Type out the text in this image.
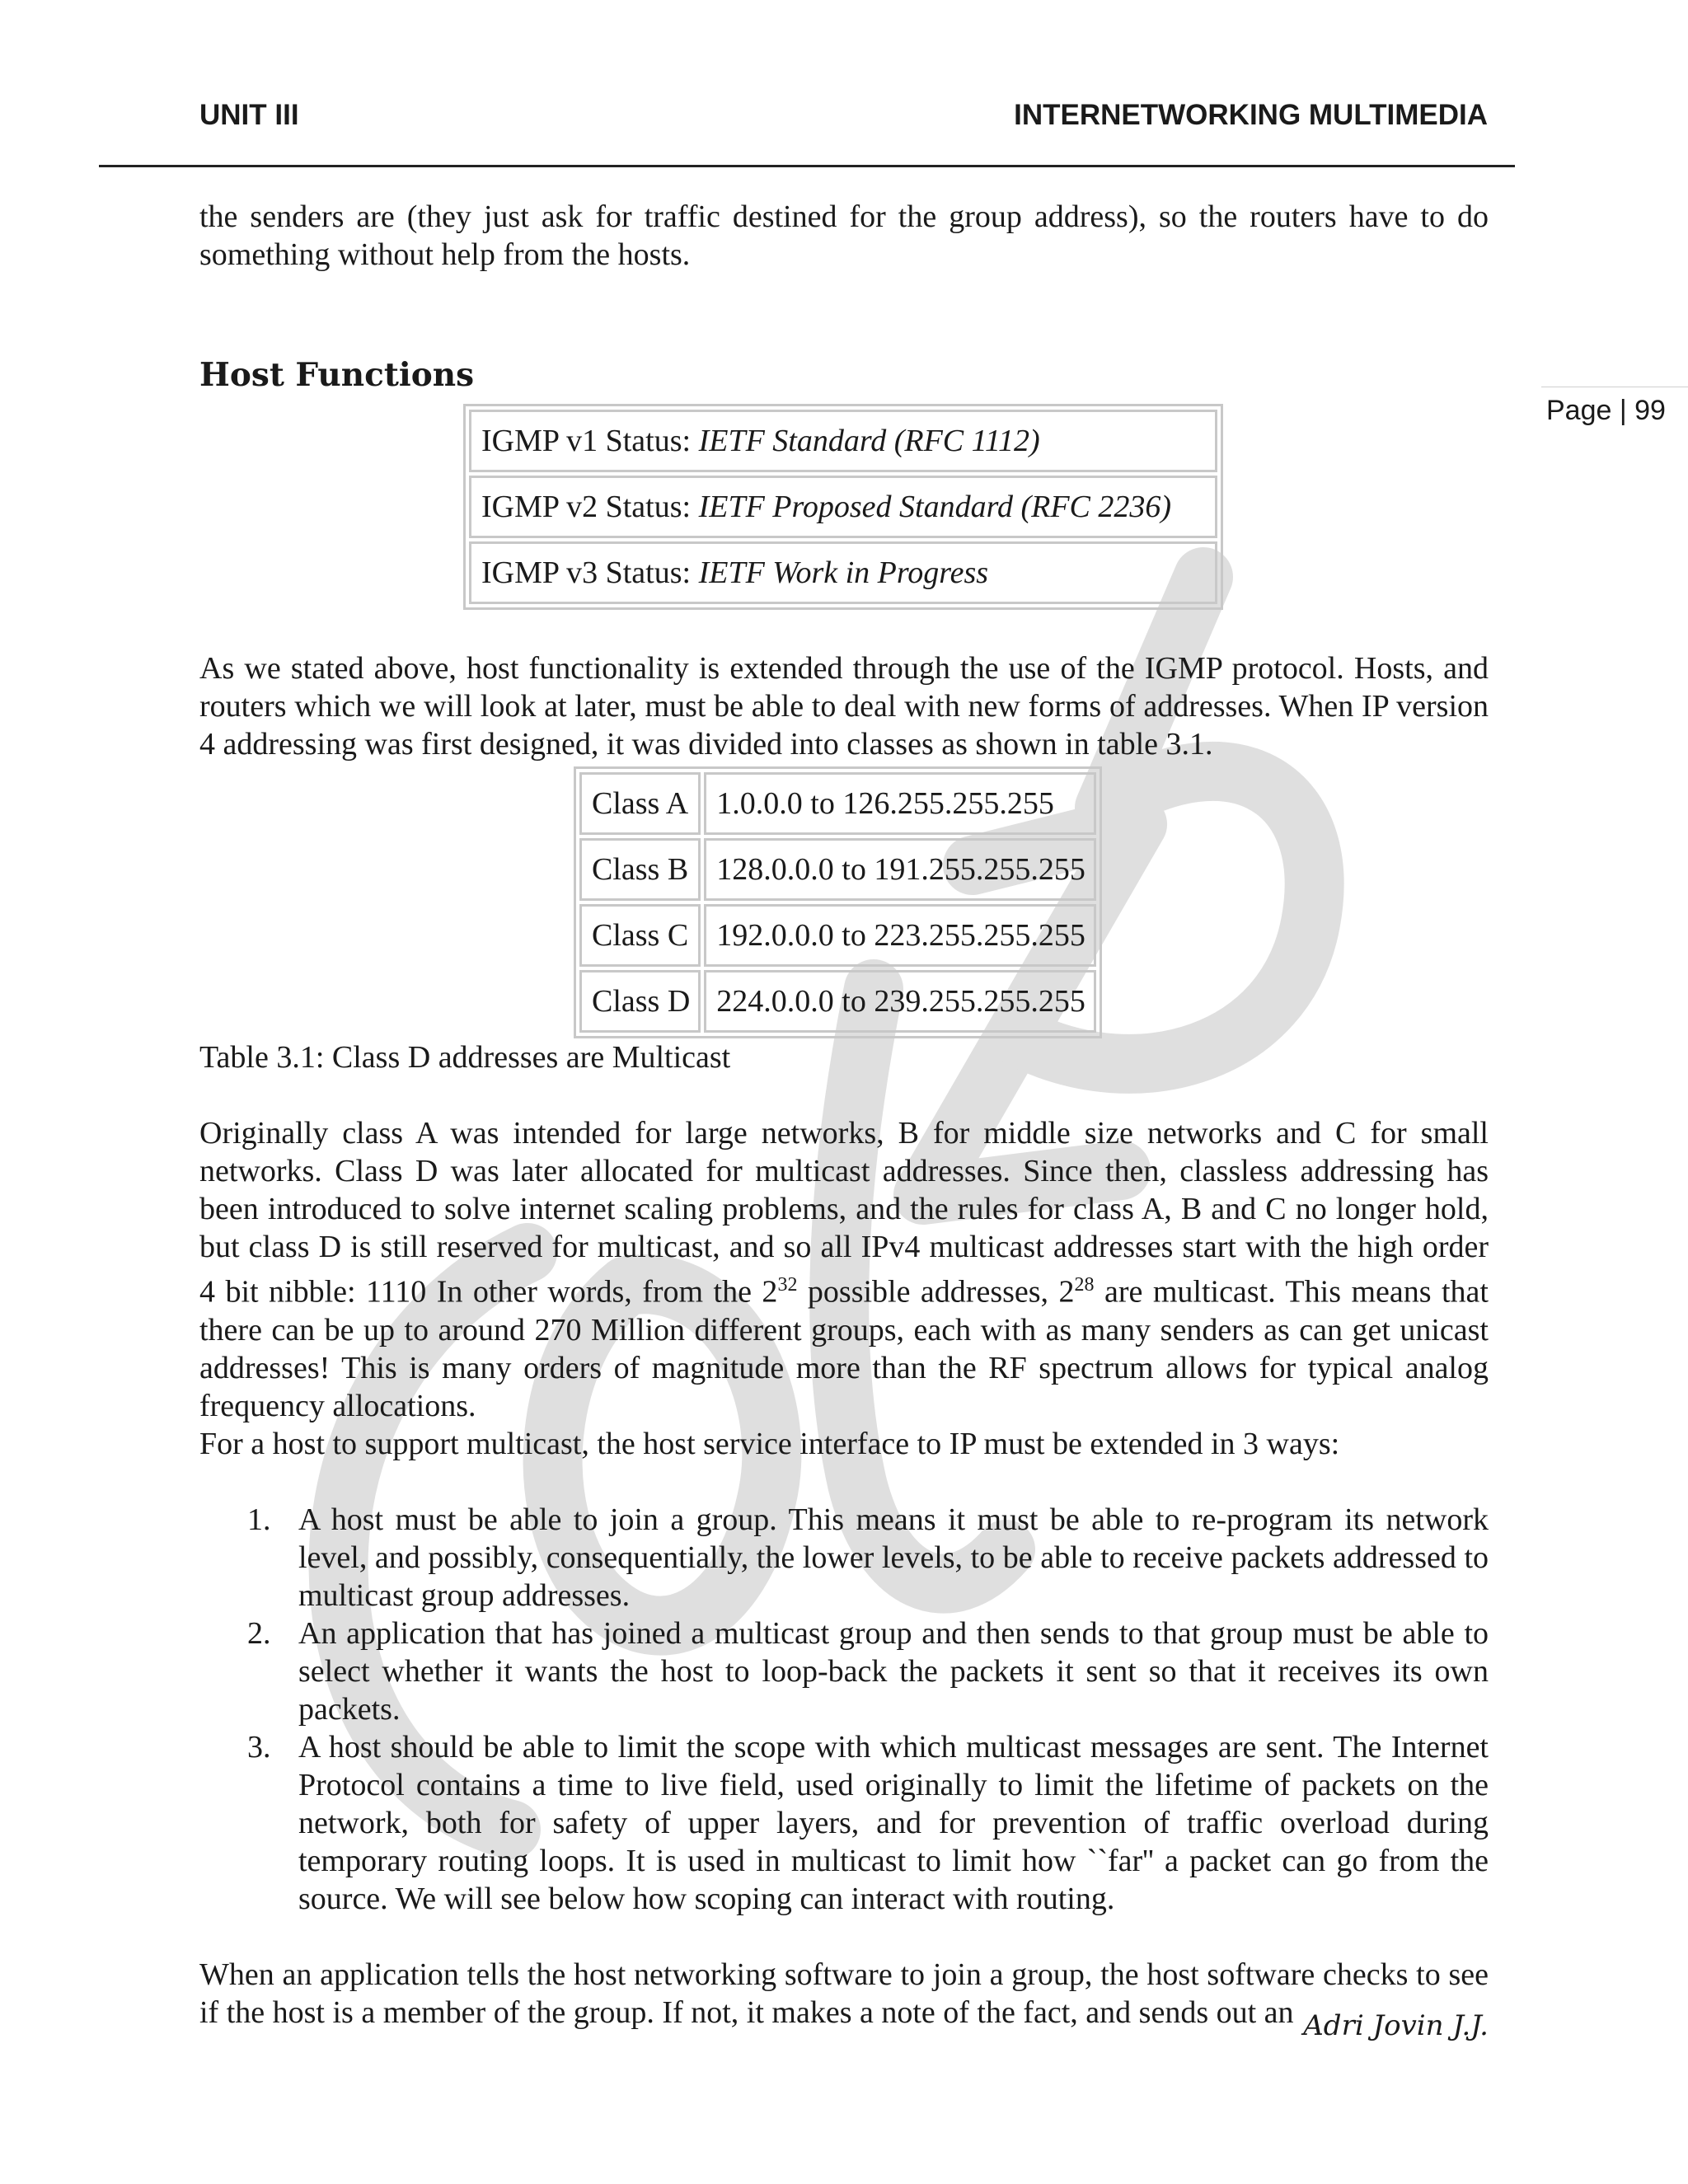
UNIT III	INTERNETWORKING MULTIMEDIA
Page | 99

the senders are (they just ask for traffic destined for the group address), so the routers have to do something without help from the hosts.

Host Functions
IGMP v1 Status: IETF Standard (RFC 1112)
IGMP v2 Status: IETF Proposed Standard (RFC 2236)
IGMP v3 Status: IETF Work in Progress

As we stated above, host functionality is extended through the use of the IGMP protocol. Hosts, and routers which we will look at later, must be able to deal with new forms of addresses. When IP version 4 addressing was first designed, it was divided into classes as shown in table 3.1.

Class A	1.0.0.0 to 126.255.255.255
Class B	128.0.0.0 to 191.255.255.255
Class C	192.0.0.0 to 223.255.255.255
Class D	224.0.0.0 to 239.255.255.255

Table 3.1: Class D addresses are Multicast

Originally class A was intended for large networks, B for middle size networks and C for small networks. Class D was later allocated for multicast addresses. Since then, classless addressing has been introduced to solve internet scaling problems, and the rules for class A, B and C no longer hold, but class D is still reserved for multicast, and so all IPv4 multicast addresses start with the high order 4 bit nibble: 1110 In other words, from the $2^{32}$ possible addresses, $2^{28}$ are multicast. This means that there can be up to around 270 Million different groups, each with as many senders as can get unicast addresses! This is many orders of magnitude more than the RF spectrum allows for typical analog frequency allocations.

For a host to support multicast, the host service interface to IP must be extended in 3 ways:

1. A host must be able to join a group. This means it must be able to re-program its network level, and possibly, consequentially, the lower levels, to be able to receive packets addressed to multicast group addresses.
2. An application that has joined a multicast group and then sends to that group must be able to select whether it wants the host to loop-back the packets it sent so that it receives its own packets.
3. A host should be able to limit the scope with which multicast messages are sent. The Internet Protocol contains a time to live field, used originally to limit the lifetime of packets on the network, both for safety of upper layers, and for prevention of traffic overload during temporary routing loops. It is used in multicast to limit how ``far'' a packet can go from the source. We will see below how scoping can interact with routing.

When an application tells the host networking software to join a group, the host software checks to see if the host is a member of the group. If not, it makes a note of the fact, and sends out an Adri Jovin J.J.
